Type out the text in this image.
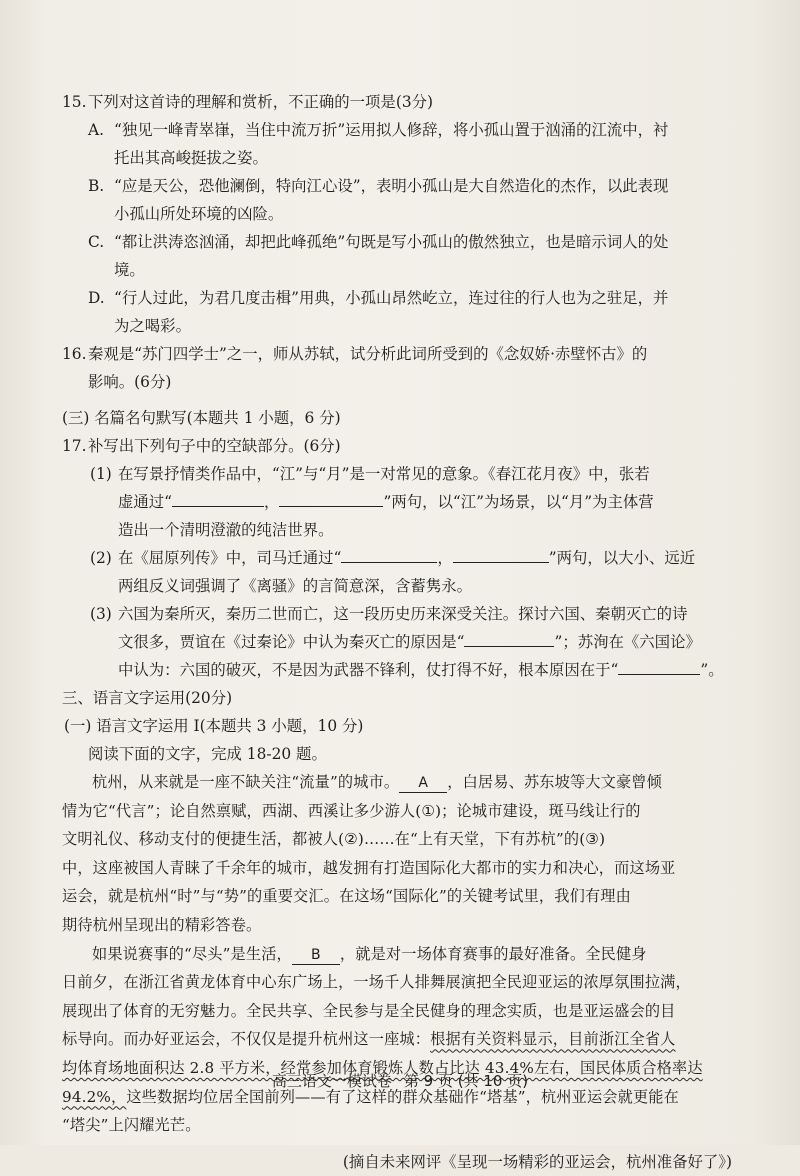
15. 下列对这首诗的理解和赏析，不正确的一项是(3分)
A. “独见一峰青崒嵂，当住中流万折”运用拟人修辞，将小孤山置于汹涌的江流中，衬
托出其高峻挺拔之姿。
B. “应是天公，恐他澜倒，特向江心设”，表明小孤山是大自然造化的杰作，以此表现
小孤山所处环境的凶险。
C. “都让洪涛恣汹涌，却把此峰孤绝”句既是写小孤山的傲然独立，也是暗示词人的处
境。
D. “行人过此，为君几度击楫”用典，小孤山昂然屹立，连过往的行人也为之驻足，并
为之喝彩。
16. 秦观是“苏门四学士”之一，师从苏轼，试分析此词所受到的《念奴娇·赤壁怀古》的
影响。(6分)
(三) 名篇名句默写(本题共 1 小题，6 分)
17. 补写出下列句子中的空缺部分。(6分)
(1) 在写景抒情类作品中，“江”与“月”是一对常见的意象。《春江花月夜》中，张若
虚通过“	，	”两句，以“江”为场景，以“月”为主体营
造出一个清明澄澈的纯洁世界。
(2) 在《屈原列传》中，司马迁通过“	，	”两句，以大小、远近
两组反义词强调了《离骚》的言简意深，含蓄隽永。
(3) 六国为秦所灭，秦历二世而亡，这一段历史历来深受关注。探讨六国、秦朝灭亡的诗
文很多，贾谊在《过秦论》中认为秦灭亡的原因是“	”；苏洵在《六国论》
中认为：六国的破灭，不是因为武器不锋利，仗打得不好，根本原因在于“	”。
三、语言文字运用(20分)
(一) 语言文字运用 Ⅰ(本题共 3 小题，10 分)
阅读下面的文字，完成 18-20 题。
杭州，从来就是一座不缺关注“流量”的城市。 A ，白居易、苏东坡等大文豪曾倾
情为它“代言”；论自然禀赋，西湖、西溪让多少游人(①)；论城市建设，斑马线让行的
文明礼仪、移动支付的便捷生活，都被人(②)……在“上有天堂，下有苏杭”的(③)
中，这座被国人青睐了千余年的城市，越发拥有打造国际化大都市的实力和决心，而这场亚
运会，就是杭州“时”与“势”的重要交汇。在这场“国际化”的关键考试里，我们有理由
期待杭州呈现出的精彩答卷。
如果说赛事的“尽头”是生活， B ，就是对一场体育赛事的最好准备。全民健身
日前夕，在浙江省黄龙体育中心东广场上，一场千人排舞展演把全民迎亚运的浓厚氛围拉满，
展现出了体育的无穷魅力。全民共享、全民参与是全民健身的理念实质，也是亚运盛会的目
标导向。而办好亚运会，不仅仅是提升杭州这一座城：根据有关资料显示，目前浙江全省人
均体育场地面积达 2.8 平方米，经常参加体育锻炼人数占比达 43.4%左右，国民体质合格率达
94.2%，这些数据均位居全国前列——有了这样的群众基础作“塔基”，杭州亚运会就更能在
“塔尖”上闪耀光芒。
(摘自未来网评《呈现一场精彩的亚运会，杭州准备好了》)
高三语文一模试卷 第 9 页 (共 10 页)
